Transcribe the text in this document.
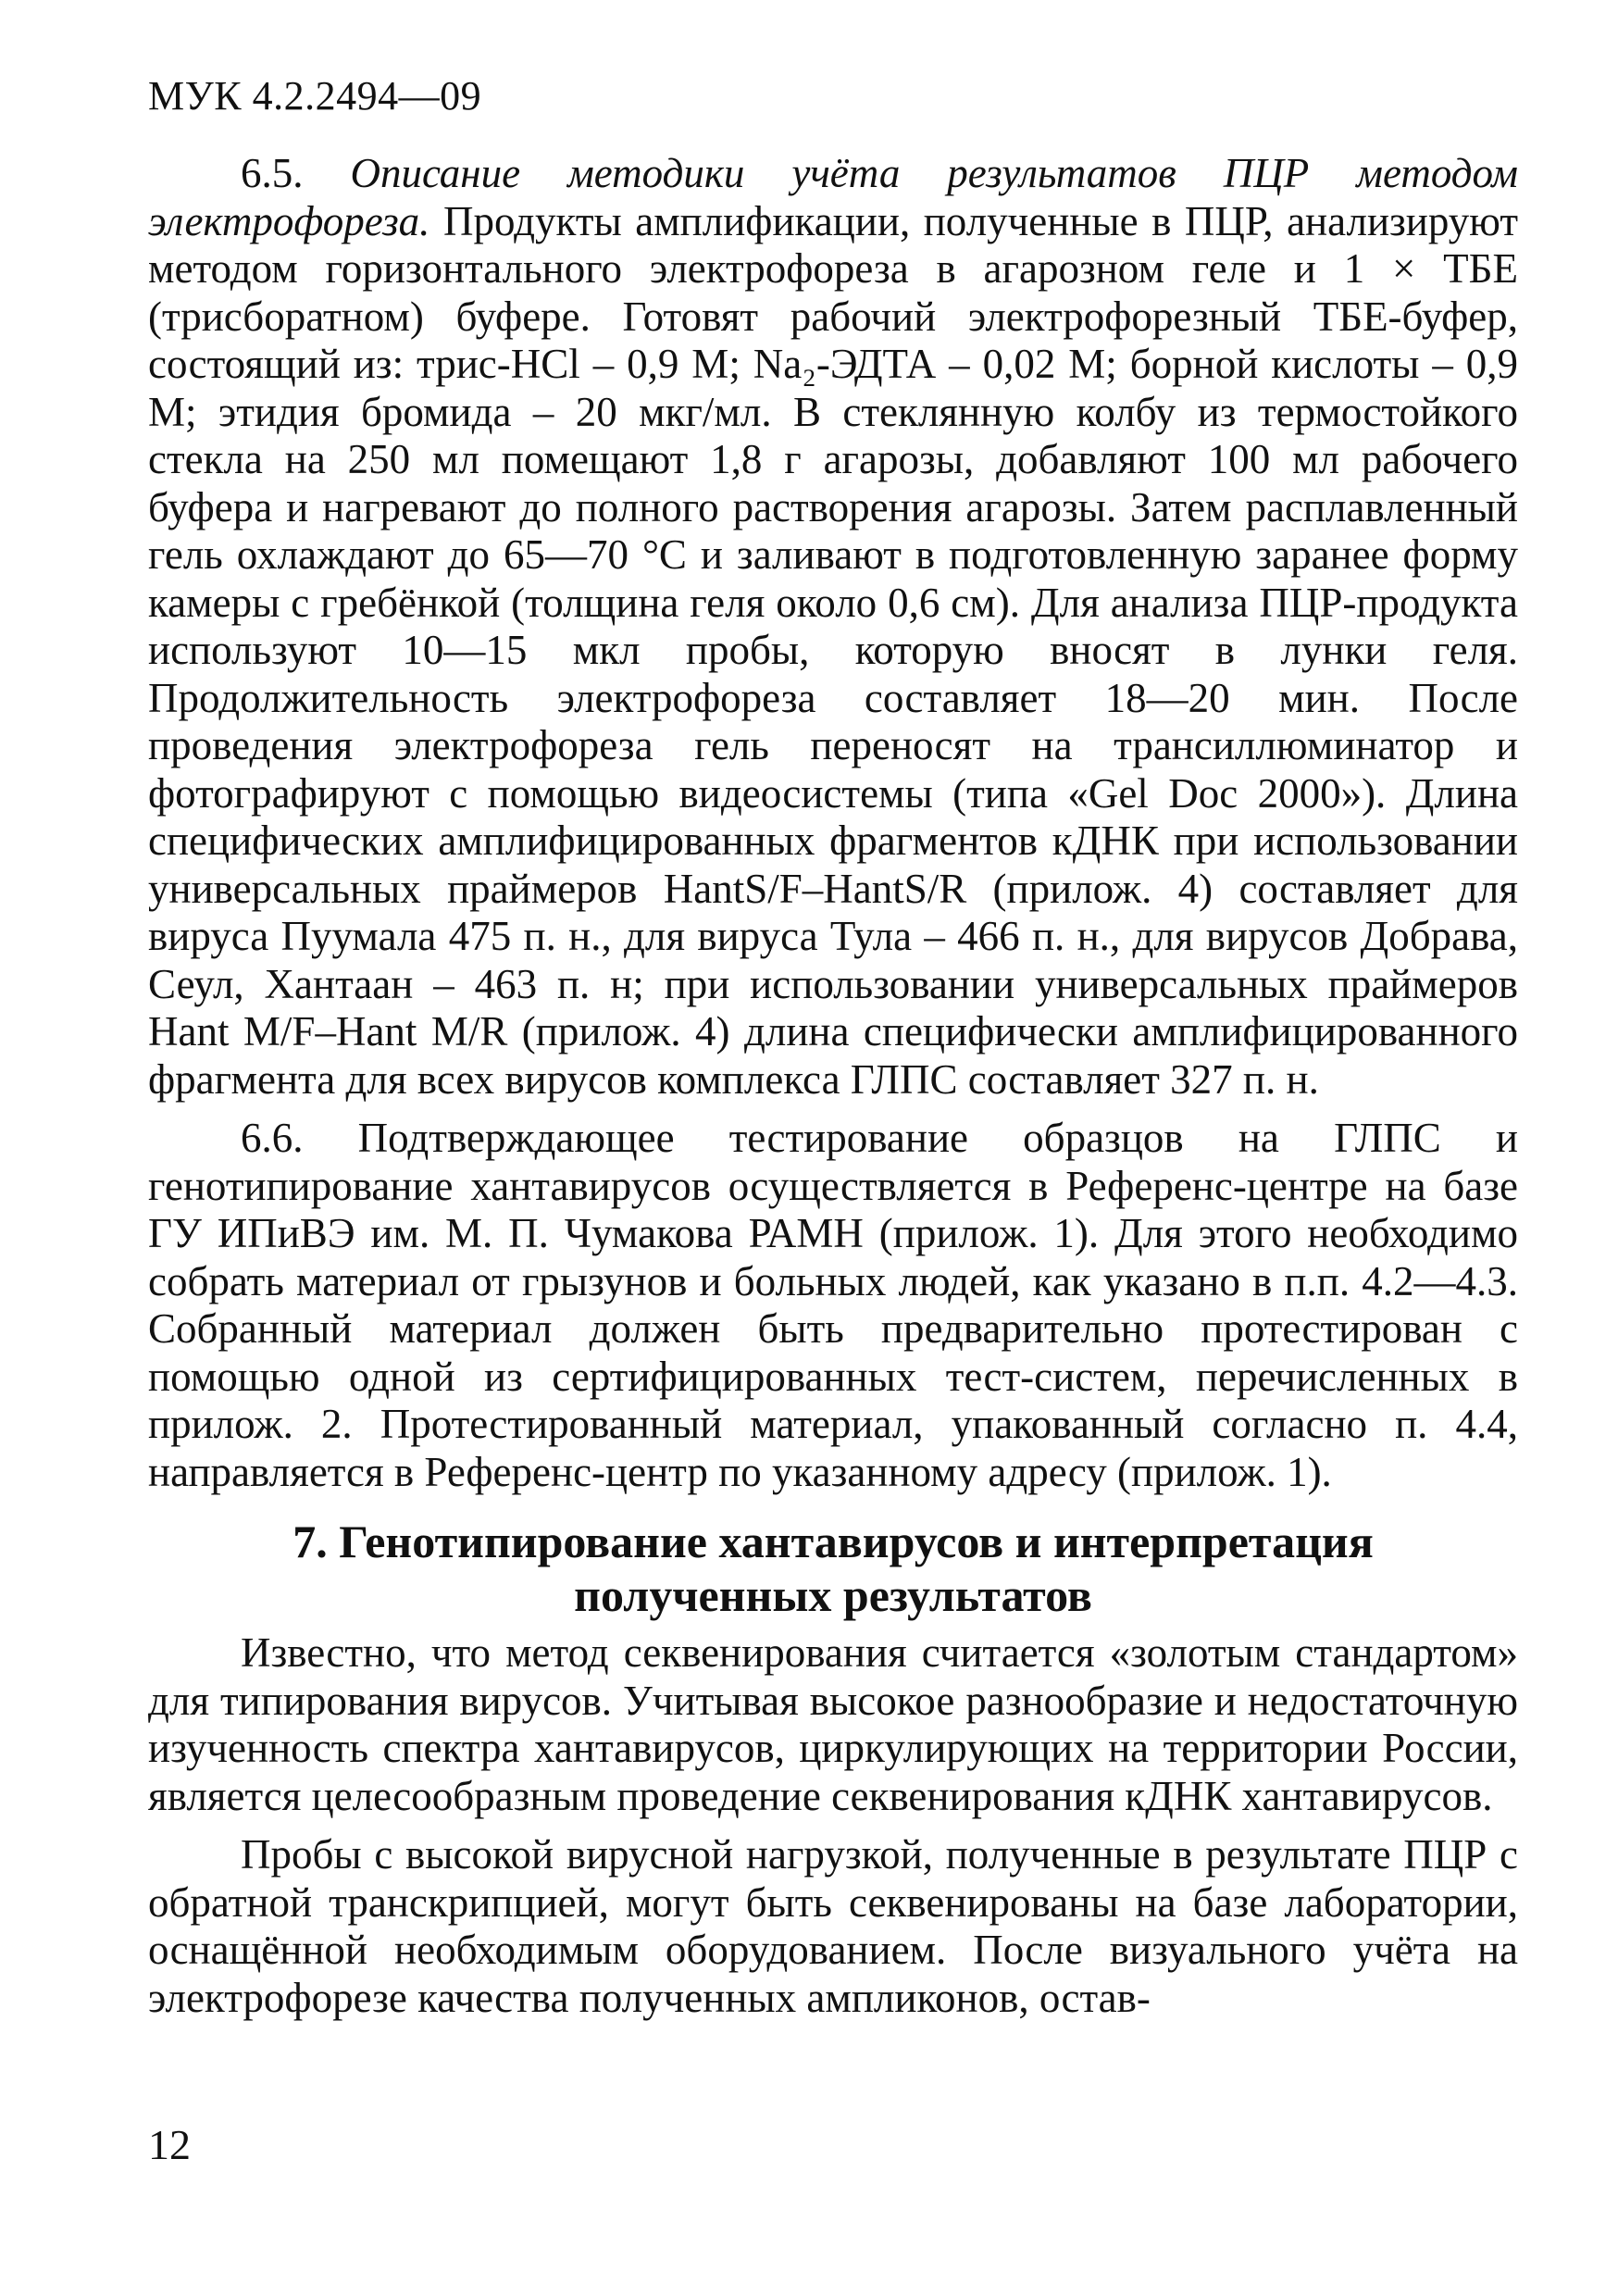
МУК 4.2.2494—09

6.5. Описание методики учёта результатов ПЦР методом электрофореза. Продукты амплификации, полученные в ПЦР, анализируют методом горизонтального электрофореза в агарозном геле и 1 × ТБЕ (трисборатном) буфере. Готовят рабочий электрофорезный ТБЕ-буфер, состоящий из: трис-HCl – 0,9 М; Na₂-ЭДТА – 0,02 М; борной кислоты – 0,9 М; этидия бромида – 20 мкг/мл. В стеклянную колбу из термостойкого стекла на 250 мл помещают 1,8 г агарозы, добавляют 100 мл рабочего буфера и нагревают до полного растворения агарозы. Затем расплавленный гель охлаждают до 65—70 °С и заливают в подготовленную заранее форму камеры с гребёнкой (толщина геля около 0,6 см). Для анализа ПЦР-продукта используют 10—15 мкл пробы, которую вносят в лунки геля. Продолжительность электрофореза составляет 18—20 мин. После проведения электрофореза гель переносят на трансиллюминатор и фотографируют с помощью видеосистемы (типа «Gel Doc 2000»). Длина специфических амплифицированных фрагментов кДНК при использовании универсальных праймеров HantS/F–HantS/R (прилож. 4) составляет для вируса Пуумала 475 п. н., для вируса Тула – 466 п. н., для вирусов Добрава, Сеул, Хантаан – 463 п. н; при использовании универсальных праймеров Hant M/F–Hant M/R (прилож. 4) длина специфически амплифицированного фрагмента для всех вирусов комплекса ГЛПС составляет 327 п. н.

6.6. Подтверждающее тестирование образцов на ГЛПС и генотипирование хантавирусов осуществляется в Референс-центре на базе ГУ ИПиВЭ им. М. П. Чумакова РАМН (прилож. 1). Для этого необходимо собрать материал от грызунов и больных людей, как указано в п.п. 4.2—4.3. Собранный материал должен быть предварительно протестирован с помощью одной из сертифицированных тест-систем, перечисленных в прилож. 2. Протестированный материал, упакованный согласно п. 4.4, направляется в Референс-центр по указанному адресу (прилож. 1).

7. Генотипирование хантавирусов и интерпретация полученных результатов

Известно, что метод секвенирования считается «золотым стандартом» для типирования вирусов. Учитывая высокое разнообразие и недостаточную изученность спектра хантавирусов, циркулирующих на территории России, является целесообразным проведение секвенирования кДНК хантавирусов.

Пробы с высокой вирусной нагрузкой, полученные в результате ПЦР с обратной транскрипцией, могут быть секвенированы на базе лаборатории, оснащённой необходимым оборудованием. После визуального учёта на электрофорезе качества полученных ампликонов, остав-

12
